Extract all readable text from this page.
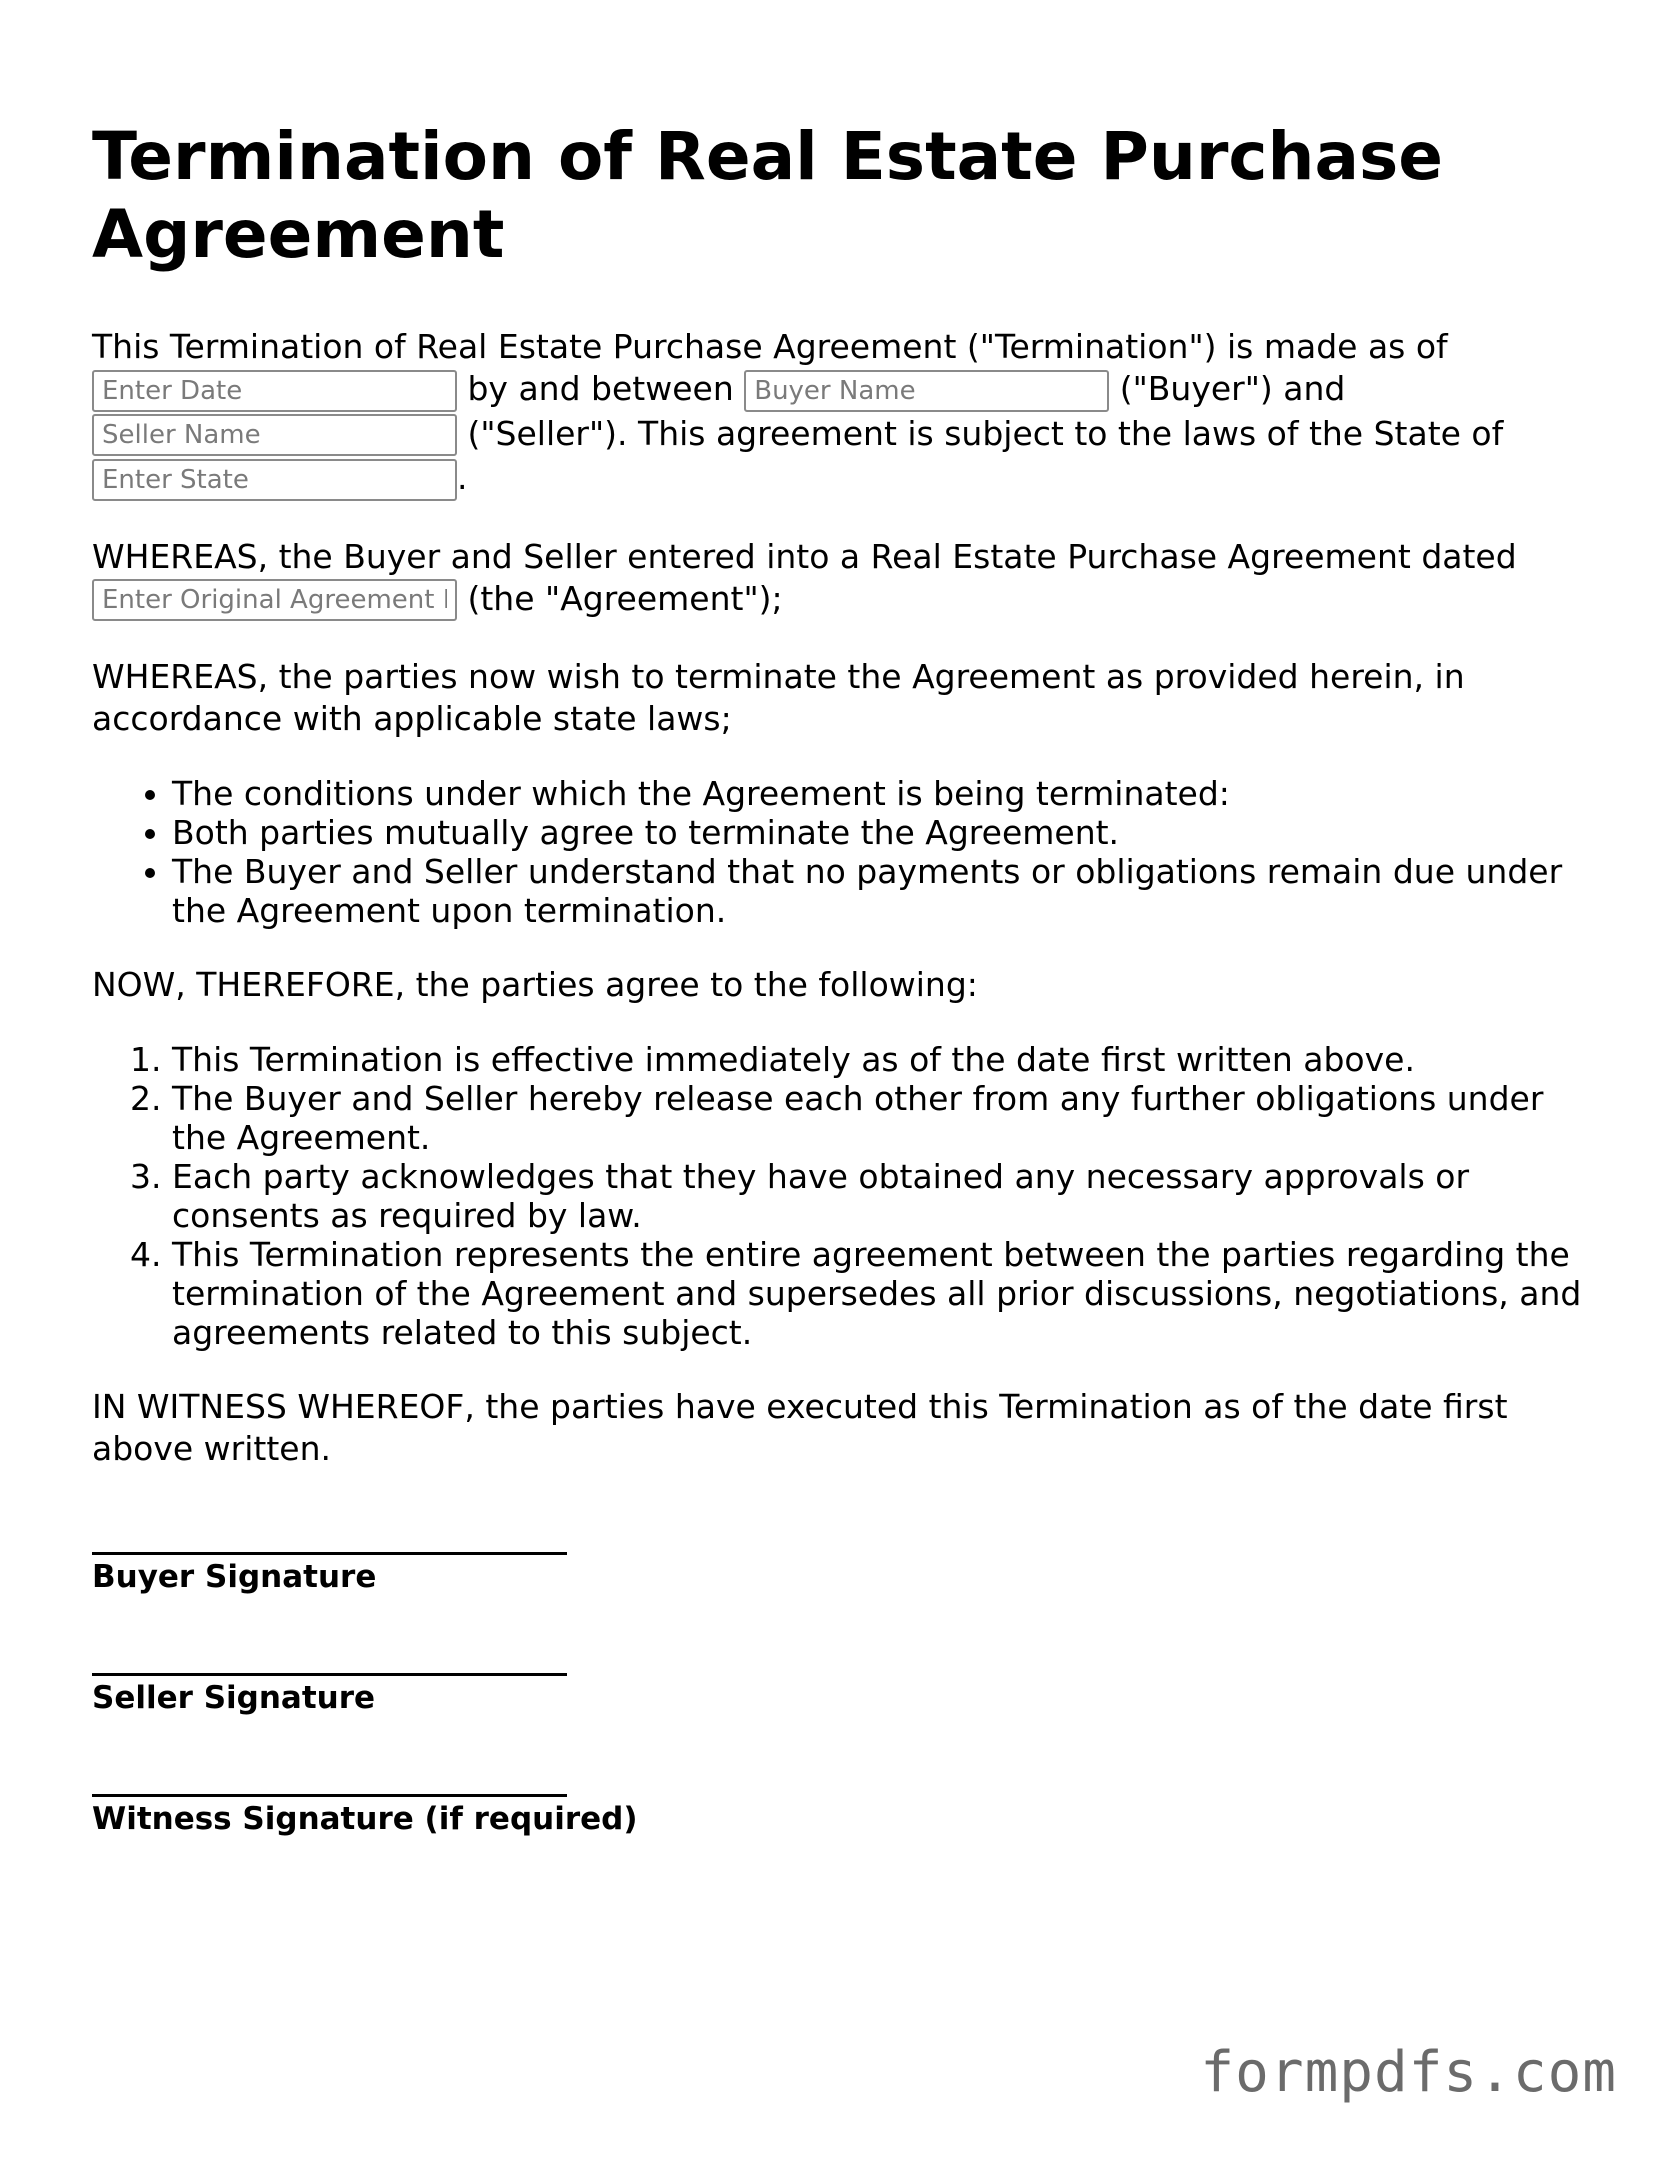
Termination of Real Estate Purchase Agreement
This Termination of Real Estate Purchase Agreement ("Termination") is made as of
Enter Date by and between Buyer Name	("Buyer") and
Seller Name ("Seller"). This agreement is subject to the laws of the State of
Enter State.
WHEREAS, the Buyer and Seller entered into a Real Estate Purchase Agreement dated
Enter Original Agreement Date (the "Agreement");
WHEREAS, the parties now wish to terminate the Agreement as provided herein, in accordance with applicable state laws;
• The conditions under which the Agreement is being terminated:
• Both parties mutually agree to terminate the Agreement.
• The Buyer and Seller understand that no payments or obligations remain due under the Agreement upon termination.
NOW, THEREFORE, the parties agree to the following:
1. This Termination is effective immediately as of the date first written above.
2. The Buyer and Seller hereby release each other from any further obligations under the Agreement.
3. Each party acknowledges that they have obtained any necessary approvals or consents as required by law.
4. This Termination represents the entire agreement between the parties regarding the termination of the Agreement and supersedes all prior discussions, negotiations, and agreements related to this subject.
IN WITNESS WHEREOF, the parties have executed this Termination as of the date first above written.
Buyer Signature
Seller Signature
Witness Signature (if required)
formpdfs.com
